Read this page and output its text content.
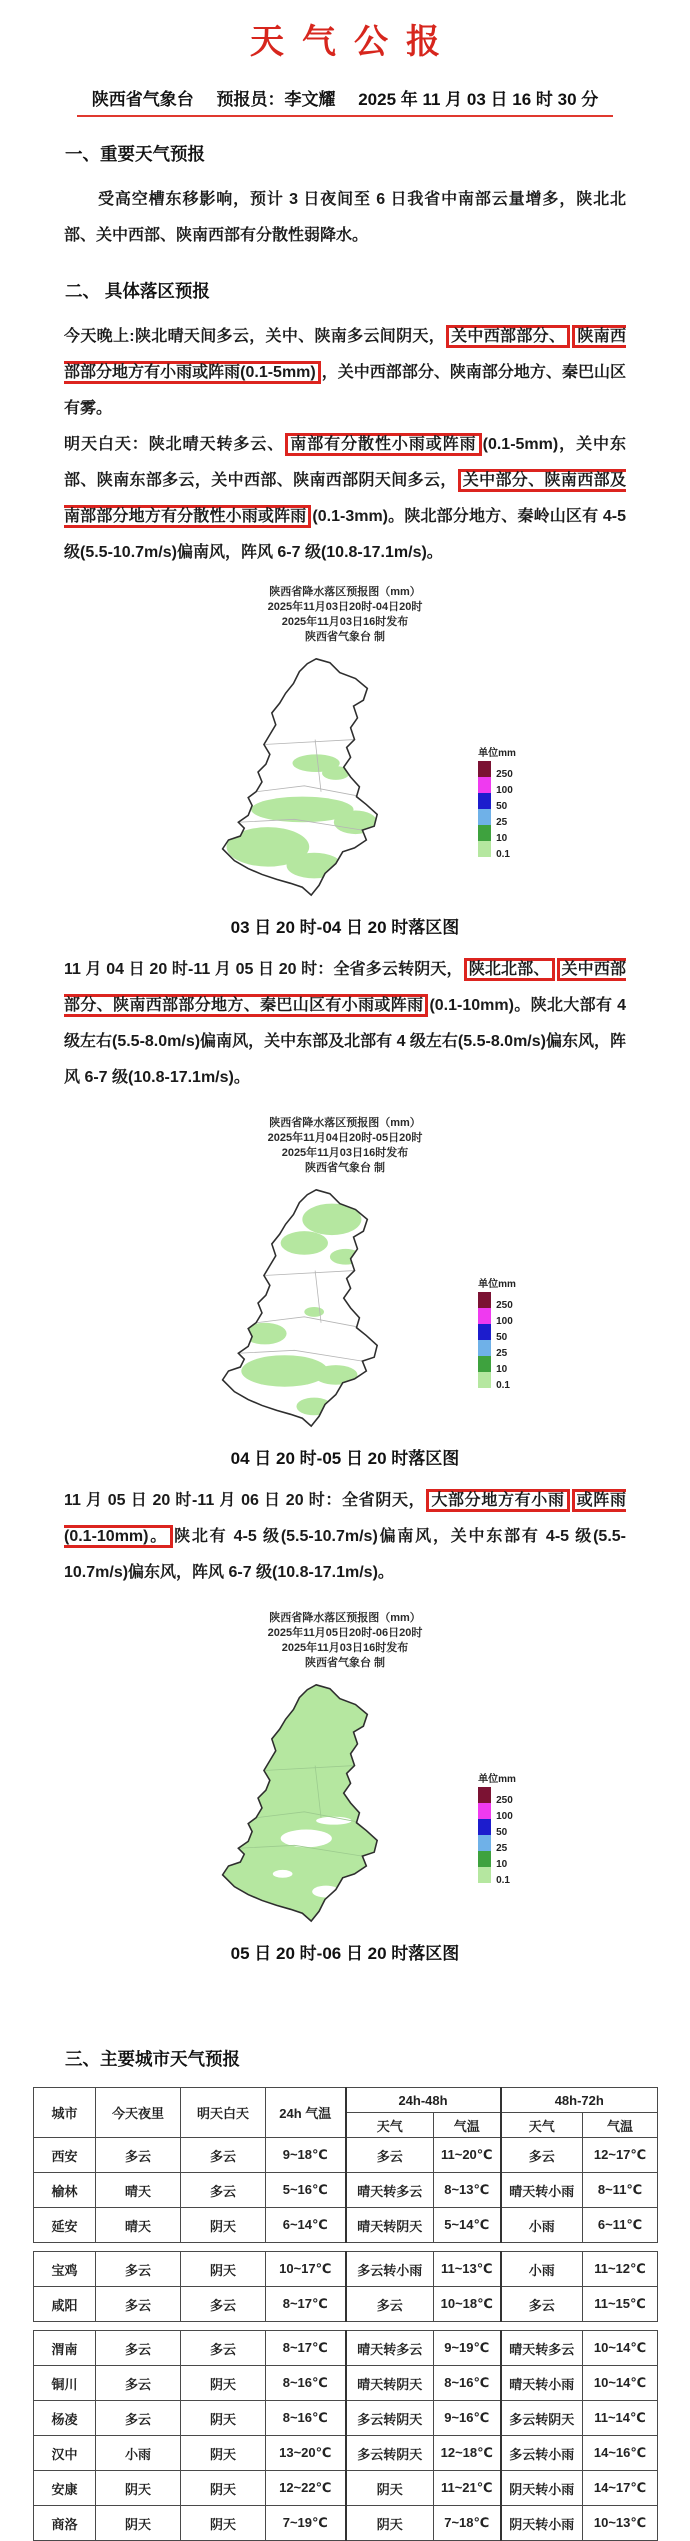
天气公报
陕西省气象台 预报员：李文耀 2025 年 11 月 03 日 16 时 30 分
一、重要天气预报

受高空槽东移影响，预计 3 日夜间至 6 日我省中南部云量增多，陕北北部、关中西部、陕南西部有分散性弱降水。

二、 具体落区预报

今天晚上:陕北晴天间多云，关中、陕南多云间阴天， 关中西部部分、 陕南西部部分地方有小雨或阵雨(0.1-5mm) ，关中西部部分、陕南部分地方、秦巴山区有雾。

明天白天：陕北晴天转多云、 南部有分散性小雨或阵雨 (0.1-5mm)，关中东部、陕南东部多云，关中西部、陕南西部阴天间多云， 关中部分、陕南西部及南部部分地方有分散性小雨或阵雨 (0.1-3mm)。陕北部分地方、秦岭山区有 4-5 级(5.5-10.7m/s)偏南风，阵风 6-7 级(10.8-17.1m/s)。

陕西省降水落区预报图（mm）
2025年11月03日20时-04日20时
2025年11月03日16时发布
陕西省气象台 制
单位mm
250
100
50
25
10
0.1
03 日 20 时-04 日 20 时落区图

11 月 04 日 20 时-11 月 05 日 20 时：全省多云转阴天， 陕北北部、 关中西部部分、陕南西部部分地方、秦巴山区有小雨或阵雨 (0.1-10mm)。陕北大部有 4 级左右(5.5-8.0m/s)偏南风，关中东部及北部有 4 级左右(5.5-8.0m/s)偏东风，阵风 6-7 级(10.8-17.1m/s)。

陕西省降水落区预报图（mm）
2025年11月04日20时-05日20时
2025年11月03日16时发布
陕西省气象台 制
单位mm
250
100
50
25
10
0.1
04 日 20 时-05 日 20 时落区图

11 月 05 日 20 时-11 月 06 日 20 时：全省阴天， 大部分地方有小雨 或阵雨(0.1-10mm)。 陕北有 4-5 级(5.5-10.7m/s)偏南风，关中东部有 4-5 级(5.5-10.7m/s)偏东风，阵风 6-7 级(10.8-17.1m/s)。

陕西省降水落区预报图（mm）
2025年11月05日20时-06日20时
2025年11月03日16时发布
陕西省气象台 制
单位mm
250
100
50
25
10
0.1
05 日 20 时-06 日 20 时落区图
三、主要城市天气预报
城市	今天夜里	明天白天	24h 气温	24h-48h		48h-72h	
				天气	气温	天气	气温
西安	多云	多云	9~18℃	多云	11~20℃	多云	12~17℃
榆林	晴天	多云	5~16℃	晴天转多云	8~13℃	晴天转小雨	8~11℃
延安	晴天	阴天	6~14℃	晴天转阴天	5~14℃	小雨	6~11℃
宝鸡	多云	阴天	10~17℃	多云转小雨	11~13℃	小雨	11~12℃
咸阳	多云	多云	8~17℃	多云	10~18℃	多云	11~15℃
渭南	多云	多云	8~17℃	晴天转多云	9~19℃	晴天转多云	10~14℃
铜川	多云	阴天	8~16℃	晴天转阴天	8~16℃	晴天转小雨	10~14℃
杨凌	多云	阴天	8~16℃	多云转阴天	9~16℃	多云转阴天	11~14℃
汉中	小雨	阴天	13~20℃	多云转阴天	12~18℃	多云转小雨	14~16℃
安康	阴天	阴天	12~22℃	阴天	11~21℃	阴天转小雨	14~17℃
商洛	阴天	阴天	7~19℃	阴天	7~18℃	阴天转小雨	10~13℃
